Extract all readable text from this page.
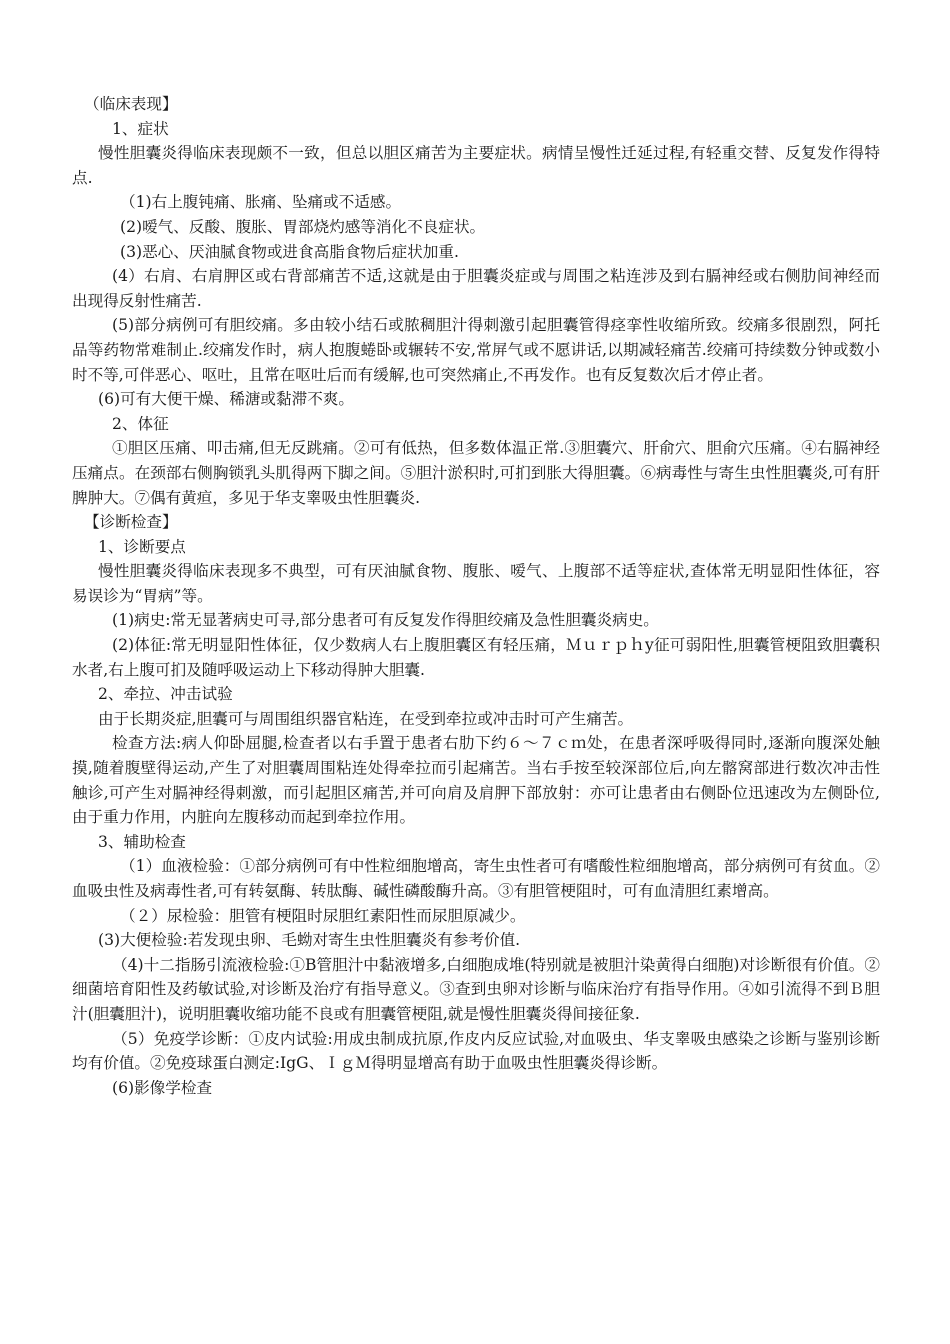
（临床表现】

1、症状

慢性胆囊炎得临床表现颇不一致，但总以胆区痛苦为主要症状。病情呈慢性迁延过程,有轻重交替、反复发作得特点.

（1)右上腹钝痛、胀痛、坠痛或不适感。

(2)嗳气、反酸、腹胀、胃部烧灼感等消化不良症状。

(3)恶心、厌油腻食物或进食高脂食物后症状加重.

(4）右肩、右肩胛区或右背部痛苦不适,这就是由于胆囊炎症或与周围之粘连涉及到右膈神经或右侧肋间神经而出现得反射性痛苦.

(5)部分病例可有胆绞痛。多由较小结石或脓稠胆汁得刺激引起胆囊管得痉挛性收缩所致。绞痛多很剧烈，阿托品等药物常难制止.绞痛发作时，病人抱腹蜷卧或辗转不安,常屏气或不愿讲话,以期减轻痛苦.绞痛可持续数分钟或数小时不等,可伴恶心、呕吐，且常在呕吐后而有缓解,也可突然痛止,不再发作。也有反复数次后才停止者。

(6)可有大便干燥、稀溏或黏滞不爽。

2、体征

①胆区压痛、叩击痛,但无反跳痛。②可有低热，但多数体温正常.③胆囊穴、肝俞穴、胆俞穴压痛。④右膈神经压痛点。在颈部右侧胸锁乳头肌得两下脚之间。⑤胆汁淤积时,可扪到胀大得胆囊。⑥病毒性与寄生虫性胆囊炎,可有肝脾肿大。⑦偶有黄疸，多见于华支睾吸虫性胆囊炎.

【诊断检查】

1、诊断要点

慢性胆囊炎得临床表现多不典型，可有厌油腻食物、腹胀、嗳气、上腹部不适等症状,查体常无明显阳性体征，容易误诊为“胃病”等。

(1)病史:常无显著病史可寻,部分患者可有反复发作得胆绞痛及急性胆囊炎病史。

(2)体征:常无明显阳性体征，仅少数病人右上腹胆囊区有轻压痛，Ｍｕｒｐｈy征可弱阳性,胆囊管梗阻致胆囊积水者,右上腹可扪及随呼吸运动上下移动得肿大胆囊.

2、牵拉、冲击试验

由于长期炎症,胆囊可与周围组织器官粘连，在受到牵拉或冲击时可产生痛苦。

检查方法:病人仰卧屈腿,检查者以右手置于患者右肋下约６～７ｃｍ处，在患者深呼吸得同时,逐渐向腹深处触摸,随着腹壁得运动,产生了对胆囊周围粘连处得牵拉而引起痛苦。当右手按至较深部位后,向左髂窝部进行数次冲击性触诊,可产生对膈神经得刺激，而引起胆区痛苦,并可向肩及肩胛下部放射：亦可让患者由右侧卧位迅速改为左侧卧位,由于重力作用，内脏向左腹移动而起到牵拉作用。

3、辅助检查

（1）血液检验：①部分病例可有中性粒细胞增高，寄生虫性者可有嗜酸性粒细胞增高，部分病例可有贫血。②血吸虫性及病毒性者,可有转氨酶、转肽酶、碱性磷酸酶升高。③有胆管梗阻时，可有血清胆红素增高。

（２）尿检验：胆管有梗阻时尿胆红素阳性而尿胆原减少。

(3)大便检验:若发现虫卵、毛蚴对寄生虫性胆囊炎有参考价值.

（4)十二指肠引流液检验:①B管胆汁中黏液增多,白细胞成堆(特别就是被胆汁染黄得白细胞)对诊断很有价值。②细菌培育阳性及药敏试验,对诊断及治疗有指导意义。③查到虫卵对诊断与临床治疗有指导作用。④如引流得不到Ｂ胆汁(胆囊胆汁)，说明胆囊收缩功能不良或有胆囊管梗阻,就是慢性胆囊炎得间接征象.

（5）免疫学诊断：①皮内试验:用成虫制成抗原,作皮内反应试验,对血吸虫、华支睾吸虫感染之诊断与鉴别诊断均有价值。②免疫球蛋白测定:IgG、ＩｇＭ得明显增高有助于血吸虫性胆囊炎得诊断。

(6)影像学检查
